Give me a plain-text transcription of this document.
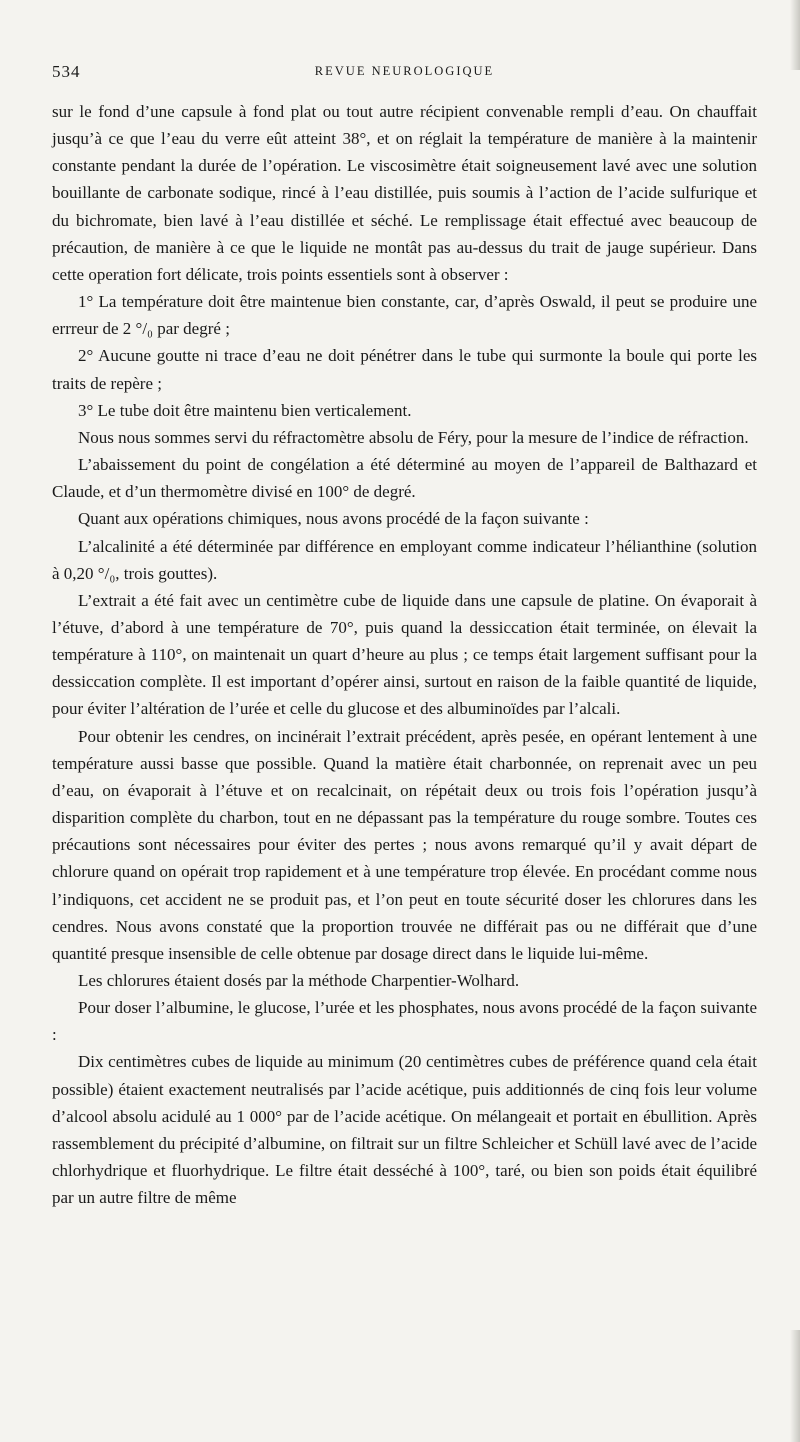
534	REVUE NEUROLOGIQUE

sur le fond d’une capsule à fond plat ou tout autre récipient convenable rempli d’eau. On chauffait jusqu’à ce que l’eau du verre eût atteint 38°, et on réglait la température de manière à la maintenir constante pendant la durée de l’opération. Le viscosimètre était soigneusement lavé avec une solution bouillante de carbonate sodique, rincé à l’eau distillée, puis soumis à l’action de l’acide sulfurique et du bichromate, bien lavé à l’eau distillée et séché. Le remplissage était effectué avec beaucoup de précaution, de manière à ce que le liquide ne montât pas au-dessus du trait de jauge supérieur. Dans cette operation fort délicate, trois points essentiels sont à observer :

1° La température doit être maintenue bien constante, car, d’après Oswald, il peut se produire une errreur de 2 °/₀ par degré ;

2° Aucune goutte ni trace d’eau ne doit pénétrer dans le tube qui surmonte la boule qui porte les traits de repère ;

3° Le tube doit être maintenu bien verticalement.

Nous nous sommes servi du réfractomètre absolu de Féry, pour la mesure de l’indice de réfraction.

L’abaissement du point de congélation a été déterminé au moyen de l’appareil de Balthazard et Claude, et d’un thermomètre divisé en 100° de degré.

Quant aux opérations chimiques, nous avons procédé de la façon suivante :

L’alcalinité a été déterminée par différence en employant comme indicateur l’hélianthine (solution à 0,20 °/₀, trois gouttes).

L’extrait a été fait avec un centimètre cube de liquide dans une capsule de platine. On évaporait à l’étuve, d’abord à une température de 70°, puis quand la dessiccation était terminée, on élevait la température à 110°, on maintenait un quart d’heure au plus ; ce temps était largement suffisant pour la dessiccation complète. Il est important d’opérer ainsi, surtout en raison de la faible quantité de liquide, pour éviter l’altération de l’urée et celle du glucose et des albuminoïdes par l’alcali.

Pour obtenir les cendres, on incinérait l’extrait précédent, après pesée, en opérant lentement à une température aussi basse que possible. Quand la matière était charbonnée, on reprenait avec un peu d’eau, on évaporait à l’étuve et on recalcinait, on répétait deux ou trois fois l’opération jusqu’à disparition complète du charbon, tout en ne dépassant pas la température du rouge sombre. Toutes ces précautions sont nécessaires pour éviter des pertes ; nous avons remarqué qu’il y avait départ de chlorure quand on opérait trop rapidement et à une température trop élevée. En procédant comme nous l’indiquons, cet accident ne se produit pas, et l’on peut en toute sécurité doser les chlorures dans les cendres. Nous avons constaté que la proportion trouvée ne différait pas ou ne différait que d’une quantité presque insensible de celle obtenue par dosage direct dans le liquide lui-même.

Les chlorures étaient dosés par la méthode Charpentier-Wolhard.

Pour doser l’albumine, le glucose, l’urée et les phosphates, nous avons procédé de la façon suivante :

Dix centimètres cubes de liquide au minimum (20 centimètres cubes de préférence quand cela était possible) étaient exactement neutralisés par l’acide acétique, puis additionnés de cinq fois leur volume d’alcool absolu acidulé au 1 000° par de l’acide acétique. On mélangeait et portait en ébullition. Après rassemblement du précipité d’albumine, on filtrait sur un filtre Schleicher et Schüll lavé avec de l’acide chlorhydrique et fluorhydrique. Le filtre était desséché à 100°, taré, ou bien son poids était équilibré par un autre filtre de même
